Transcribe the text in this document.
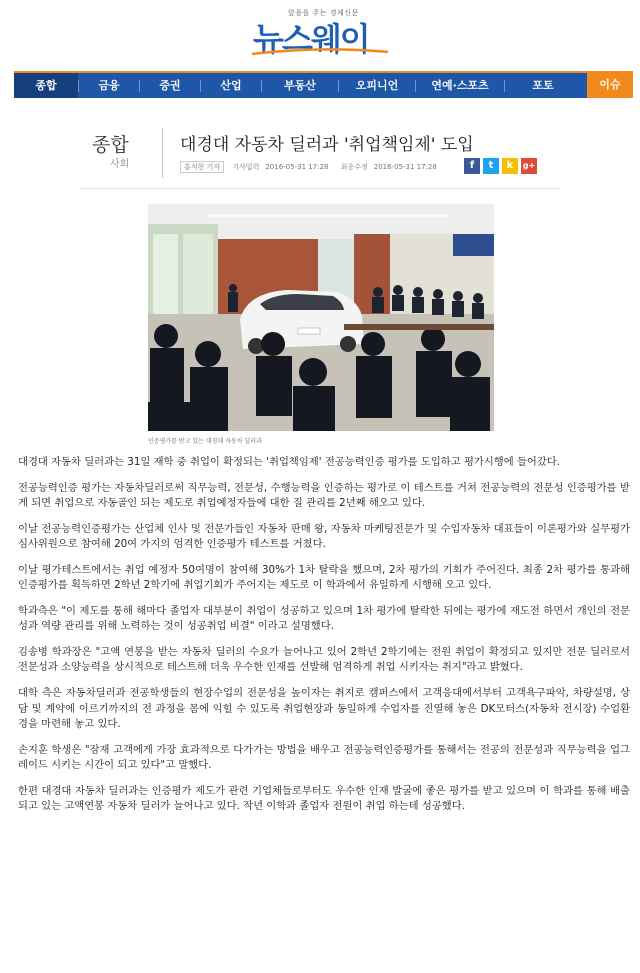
앞을을 주는 경제신문
뉴스웨이
종합	금융	증권	산업	부동산	오피니언	연예·스포츠	포토	이슈
종합
사회
대경대 자동차 딜러과 '취업책임제' 도입
홍석현 기자 기사입력 2016-05-31 17:28 최종수정 2016-05-31 17:28	f	t	k	g+
인증평가를 받고 있는 대경대 자동차 딜러과

대경대 자동차 딜러과는 31일 재학 중 취업이 확정되는 '취업책임제' 전공능력인증 평가를 도입하고 평가시행에 들어갔다.

전공능력인증 평가는 자동차딜러로써 직무능력, 전문성, 수행능력을 인증하는 평가로 이 테스트를 거쳐 전공능력의 전문성 인증평가를 받게 되면 취업으로 자동골인 되는 제도로 취업예정자들에 대한 질 관리를 2년째 해오고 있다.

이날 전공능력인증평가는 산업체 인사 및 전문가들인 자동차 판매 왕, 자동차 마케팅전문가 및 수입자동차 대표들이 이론평가와 실무평가 심사위원으로 참여해 20여 가지의 엄격한 인증평가 테스트를 거쳤다.

이날 평가테스트에서는 취업 예정자 50여명이 참여해 30%가 1차 탈락을 했으며, 2차 평가의 기회가 주어진다. 최종 2차 평가를 통과해 인증평가를 획득하면 2학년 2학기에 취업기회가 주어지는 제도로 이 학과에서 유일하게 시행해 오고 있다.

학과측은 "이 제도를 통해 해마다 졸업자 대부분이 취업이 성공하고 있으며 1차 평가에 탈락한 뒤에는 평가에 재도전 하면서 개인의 전문성과 역량 관리를 위해 노력하는 것이 성공취업 비결" 이라고 설명했다.

김송병 학과장은 "고액 연봉을 받는 자동차 딜러의 수요가 늘어나고 있어 2학년 2학기에는 전원 취업이 확정되고 있지만 전문 딜러로서 전문성과 소양능력을 상시적으로 테스트해 더욱 우수한 인재를 선발해 엄격하게 취업 시키자는 취지"라고 밝혔다.

대학 측은 자동차딜러과 전공학생들의 현장수업의 전문성을 높이자는 취지로 캠퍼스에서 고객응대에서부터 고객욕구파악, 차량설명, 상담 및 계약에 이르기까지의 전 과정을 몸에 익힐 수 있도록 취업현장과 동일하게 수업자를 진열해 놓은 DK모터스(자동차 전시장) 수업환경을 마련해 놓고 있다.

손지훈 학생은 "잠재 고객에게 가장 효과적으로 다가가는 방법을 배우고 전공능력인증평가를 통해서는 전공의 전문성과 직무능력을 업그레이드 시키는 시간이 되고 있다"고 말했다.

한편 대경대 자동차 딜러과는 인증평가 제도가 관련 기업체들로부터도 우수한 인재 발굴에 좋은 평가를 받고 있으며 이 학과를 통해 배출되고 있는 고액연봉 자동차 딜러가 늘어나고 있다. 작년 이학과 졸업자 전원이 취업 하는데 성공했다.
